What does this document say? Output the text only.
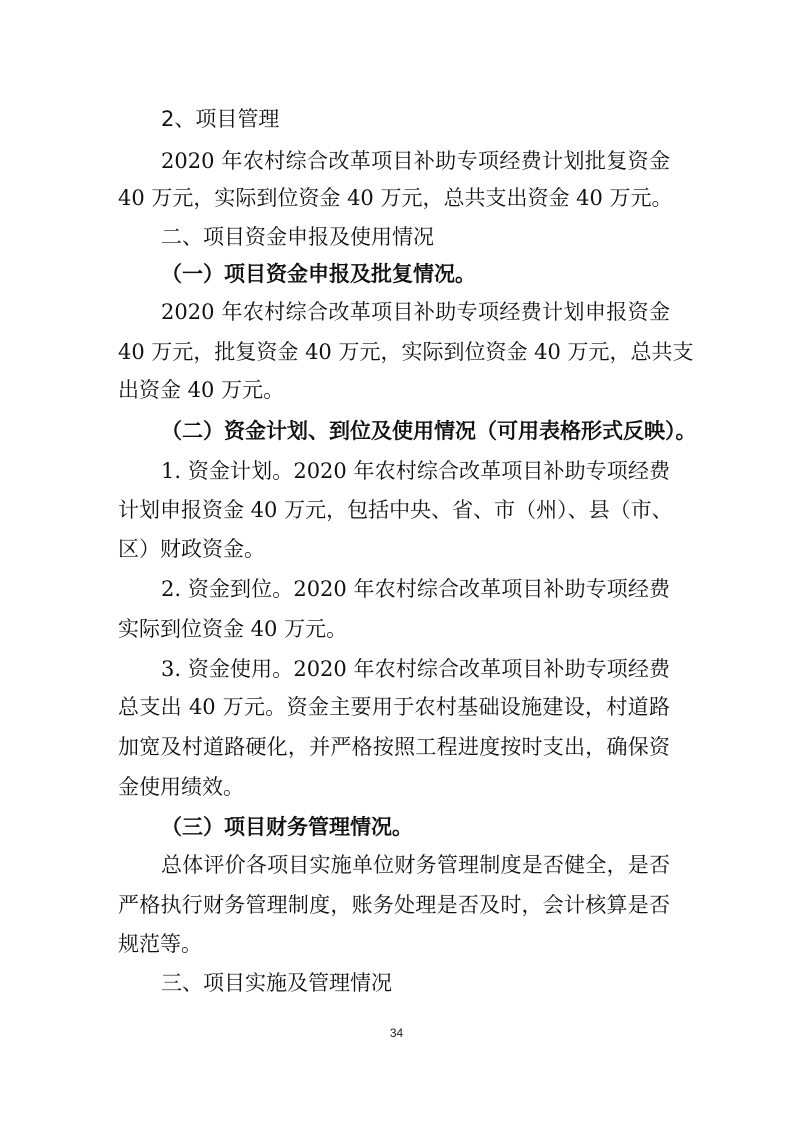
2、项目管理
2020 年农村综合改革项目补助专项经费计划批复资金
40 万元，实际到位资金 40 万元，总共支出资金 40 万元。
二、项目资金申报及使用情况
（一）项目资金申报及批复情况。
2020 年农村综合改革项目补助专项经费计划申报资金
40 万元，批复资金 40 万元，实际到位资金 40 万元，总共支
出资金 40 万元。
（二）资金计划、到位及使用情况（可用表格形式反映）。
1. 资金计划。2020 年农村综合改革项目补助专项经费
计划申报资金 40 万元，包括中央、省、市（州）、县（市、
区）财政资金。
2. 资金到位。2020 年农村综合改革项目补助专项经费
实际到位资金 40 万元。
3. 资金使用。2020 年农村综合改革项目补助专项经费
总支出 40 万元。资金主要用于农村基础设施建设，村道路
加宽及村道路硬化，并严格按照工程进度按时支出，确保资
金使用绩效。
（三）项目财务管理情况。
总体评价各项目实施单位财务管理制度是否健全，是否
严格执行财务管理制度，账务处理是否及时，会计核算是否
规范等。
三、项目实施及管理情况
34
